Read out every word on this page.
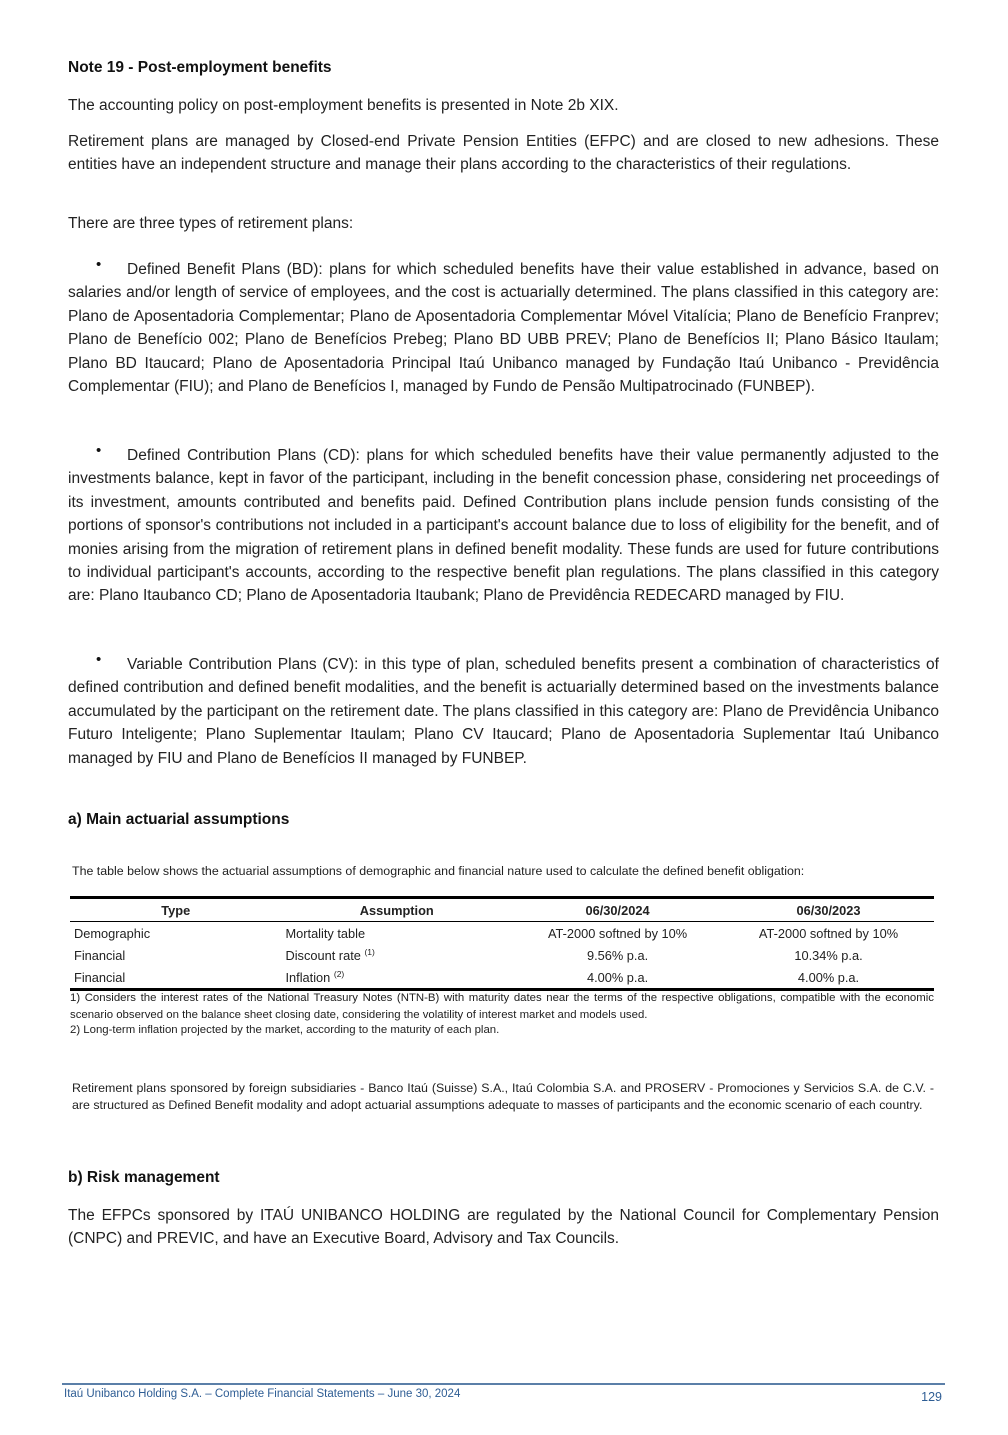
Note 19 - Post-employment benefits
The accounting policy on post-employment benefits is presented in Note 2b XIX.
Retirement plans are managed by Closed-end Private Pension Entities (EFPC) and are closed to new adhesions. These entities have an independent structure and manage their plans according to the characteristics of their regulations.
There are three types of retirement plans:
•	Defined Benefit Plans (BD): plans for which scheduled benefits have their value established in advance, based on salaries and/or length of service of employees, and the cost is actuarially determined. The plans classified in this category are: Plano de Aposentadoria Complementar; Plano de Aposentadoria Complementar Móvel Vitalícia; Plano de Benefício Franprev; Plano de Benefício 002; Plano de Benefícios Prebeg; Plano BD UBB PREV; Plano de Benefícios II; Plano Básico Itaulam; Plano BD Itaucard; Plano de Aposentadoria Principal Itaú Unibanco managed by Fundação Itaú Unibanco - Previdência Complementar (FIU); and Plano de Benefícios I, managed by Fundo de Pensão Multipatrocinado (FUNBEP).
•	Defined Contribution Plans (CD): plans for which scheduled benefits have their value permanently adjusted to the investments balance, kept in favor of the participant, including in the benefit concession phase, considering net proceedings of its investment, amounts contributed and benefits paid. Defined Contribution plans include pension funds consisting of the portions of sponsor's contributions not included in a participant's account balance due to loss of eligibility for the benefit, and of monies arising from the migration of retirement plans in defined benefit modality. These funds are used for future contributions to individual participant's accounts, according to the respective benefit plan regulations. The plans classified in this category are: Plano Itaubanco CD; Plano de Aposentadoria Itaubank; Plano de Previdência REDECARD managed by FIU.
•	Variable Contribution Plans (CV): in this type of plan, scheduled benefits present a combination of characteristics of defined contribution and defined benefit modalities, and the benefit is actuarially determined based on the investments balance accumulated by the participant on the retirement date. The plans classified in this category are: Plano de Previdência Unibanco Futuro Inteligente; Plano Suplementar Itaulam; Plano CV Itaucard; Plano de Aposentadoria Suplementar Itaú Unibanco managed by FIU and Plano de Benefícios II managed by FUNBEP.
a) Main actuarial assumptions
The table below shows the actuarial assumptions of demographic and financial nature used to calculate the defined benefit obligation:
Type	Assumption	06/30/2024	06/30/2023
Demographic	Mortality table	AT-2000 softned by 10%	AT-2000 softned by 10%
Financial	Discount rate $^{(1)}$	9.56% p.a.	10.34% p.a.
Financial	Inflation $^{(2)}$	4.00% p.a.	4.00% p.a.
1) Considers the interest rates of the National Treasury Notes (NTN-B) with maturity dates near the terms of the respective obligations, compatible with the economic scenario observed on the balance sheet closing date, considering the volatility of interest market and models used.
2) Long-term inflation projected by the market, according to the maturity of each plan.
Retirement plans sponsored by foreign subsidiaries - Banco Itaú (Suisse) S.A., Itaú Colombia S.A. and PROSERV - Promociones y Servicios S.A. de C.V. - are structured as Defined Benefit modality and adopt actuarial assumptions adequate to masses of participants and the economic scenario of each country.
b) Risk management
The EFPCs sponsored by ITAÚ UNIBANCO HOLDING are regulated by the National Council for Complementary Pension (CNPC) and PREVIC, and have an Executive Board, Advisory and Tax Councils.
Itaú Unibanco Holding S.A. – Complete Financial Statements – June 30, 2024	129
